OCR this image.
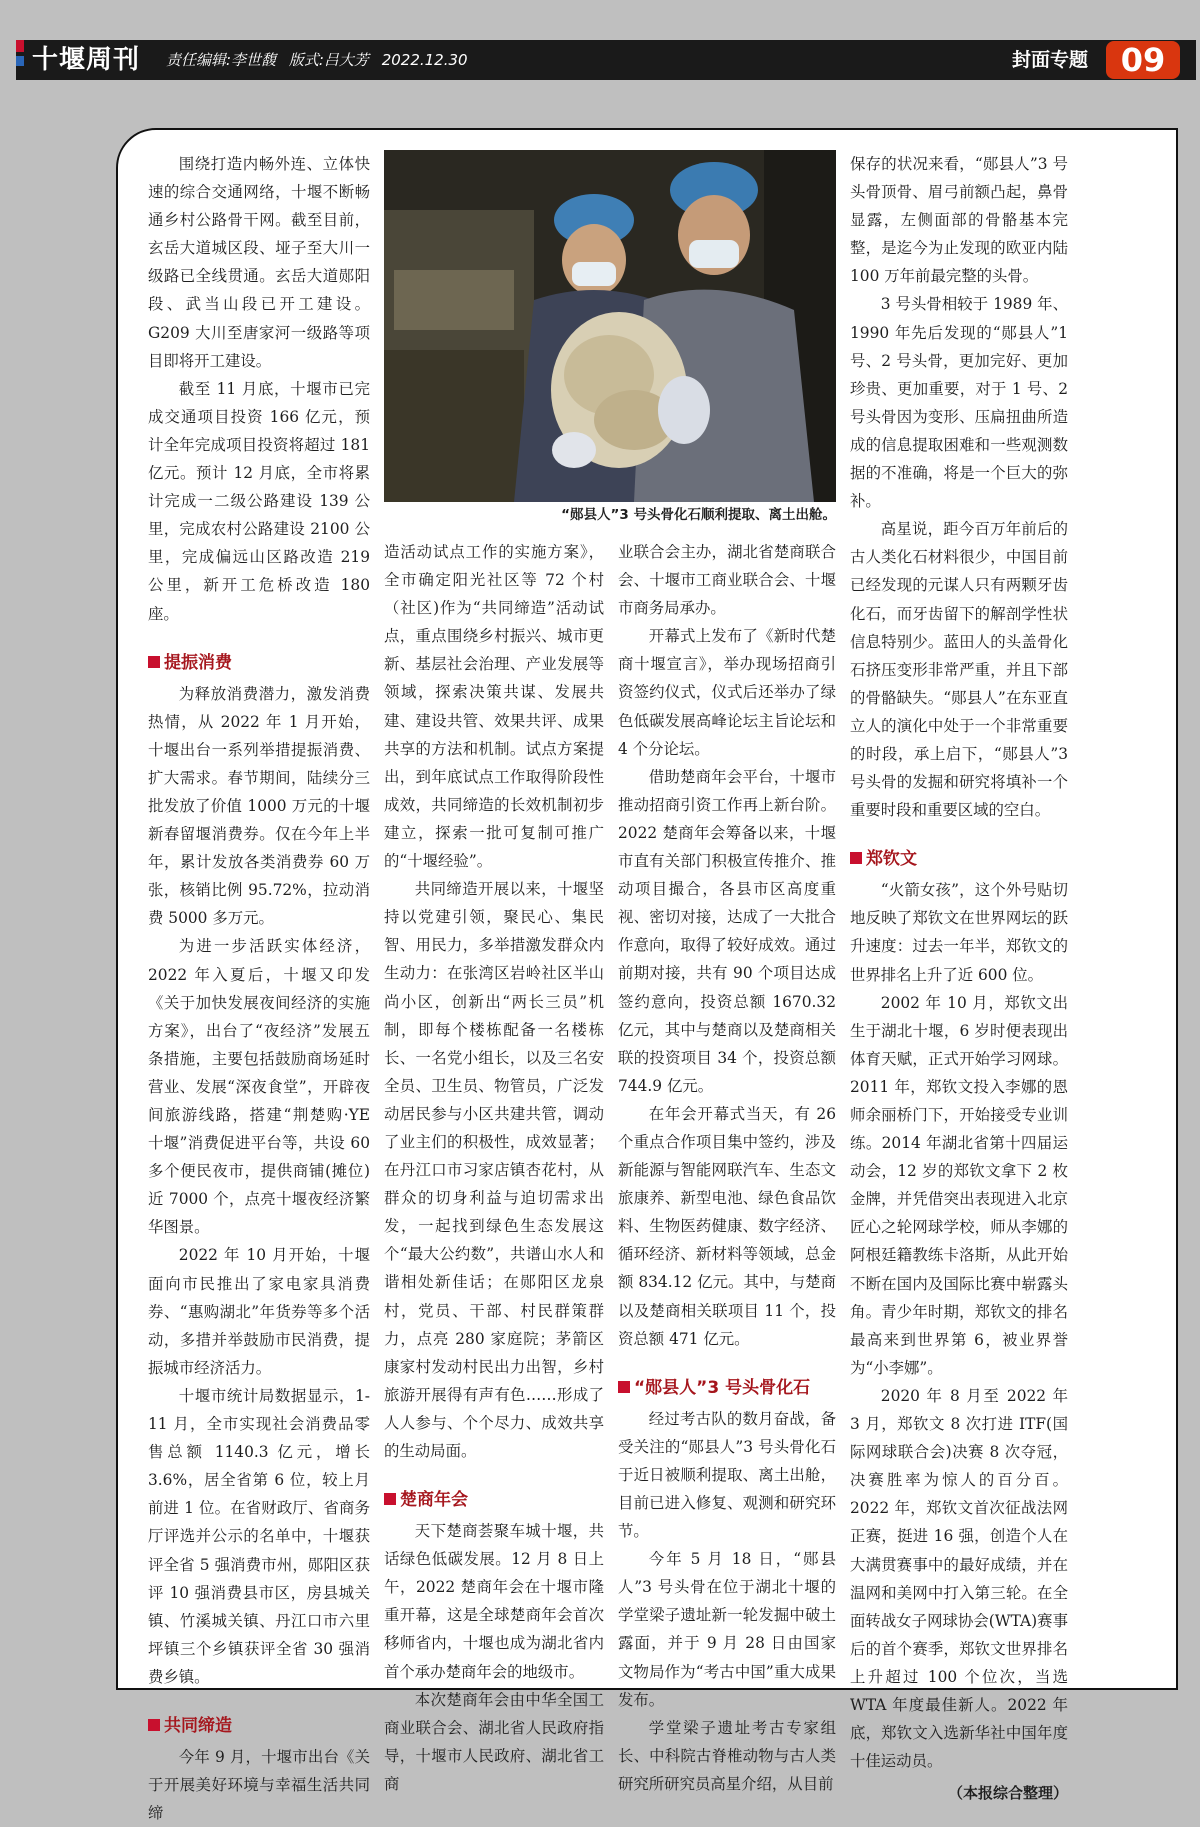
十堰周刊 责任编辑:李世馥 版式:吕大芳 2022.12.30	封面专题	09
“郧县人”3 号头骨化石顺利提取、离土出舱。

围绕打造内畅外连、立体快速的综合交通网络，十堰不断畅通乡村公路骨干网。截至目前，玄岳大道城区段、垭子至大川一级路已全线贯通。玄岳大道郧阳段、武当山段已开工建设。G209 大川至唐家河一级路等项目即将开工建设。

截至 11 月底，十堰市已完成交通项目投资 166 亿元，预计全年完成项目投资将超过 181 亿元。预计 12 月底，全市将累计完成一二级公路建设 139 公里，完成农村公路建设 2100 公里，完成偏远山区路改造 219 公里，新开工危桥改造 180 座。

提振消费

为释放消费潜力，激发消费热情，从 2022 年 1 月开始，十堰出台一系列举措提振消费、扩大需求。春节期间，陆续分三批发放了价值 1000 万元的十堰新春留堰消费券。仅在今年上半年，累计发放各类消费券 60 万张，核销比例 95.72%，拉动消费 5000 多万元。

为进一步活跃实体经济，2022 年入夏后，十堰又印发《关于加快发展夜间经济的实施方案》，出台了“夜经济”发展五条措施，主要包括鼓励商场延时营业、发展“深夜食堂”，开辟夜间旅游线路，搭建“荆楚购·YE 十堰”消费促进平台等，共设 60 多个便民夜市，提供商铺(摊位)近 7000 个，点亮十堰夜经济繁华图景。

2022 年 10 月开始，十堰面向市民推出了家电家具消费券、“惠购湖北”年货券等多个活动，多措并举鼓励市民消费，提振城市经济活力。

十堰市统计局数据显示，1-11 月，全市实现社会消费品零售总额 1140.3 亿元，增长 3.6%，居全省第 6 位，较上月前进 1 位。在省财政厅、省商务厅评选并公示的名单中，十堰获评全省 5 强消费市州，郧阳区获评 10 强消费县市区，房县城关镇、竹溪城关镇、丹江口市六里坪镇三个乡镇获评全省 30 强消费乡镇。

共同缔造

今年 9 月，十堰市出台《关于开展美好环境与幸福生活共同缔

造活动试点工作的实施方案》，全市确定阳光社区等 72 个村（社区)作为“共同缔造”活动试点，重点围绕乡村振兴、城市更新、基层社会治理、产业发展等领域，探索决策共谋、发展共建、建设共管、效果共评、成果共享的方法和机制。试点方案提出，到年底试点工作取得阶段性成效，共同缔造的长效机制初步建立，探索一批可复制可推广的“十堰经验”。

共同缔造开展以来，十堰坚持以党建引领，聚民心、集民智、用民力，多举措激发群众内生动力：在张湾区岩岭社区半山尚小区，创新出“两长三员”机制，即每个楼栋配备一名楼栋长、一名党小组长，以及三名安全员、卫生员、物管员，广泛发动居民参与小区共建共管，调动了业主们的积极性，成效显著；在丹江口市习家店镇杏花村，从群众的切身利益与迫切需求出发，一起找到绿色生态发展这个“最大公约数”，共谱山水人和谐相处新佳话；在郧阳区龙泉村，党员、干部、村民群策群力，点亮 280 家庭院；茅箭区康家村发动村民出力出智，乡村旅游开展得有声有色……形成了人人参与、个个尽力、成效共享的生动局面。

楚商年会

天下楚商荟聚车城十堰，共话绿色低碳发展。12 月 8 日上午，2022 楚商年会在十堰市隆重开幕，这是全球楚商年会首次移师省内，十堰也成为湖北省内首个承办楚商年会的地级市。

本次楚商年会由中华全国工商业联合会、湖北省人民政府指导，十堰市人民政府、湖北省工商

业联合会主办，湖北省楚商联合会、十堰市工商业联合会、十堰市商务局承办。

开幕式上发布了《新时代楚商十堰宣言》，举办现场招商引资签约仪式，仪式后还举办了绿色低碳发展高峰论坛主旨论坛和 4 个分论坛。

借助楚商年会平台，十堰市推动招商引资工作再上新台阶。2022 楚商年会筹备以来，十堰市直有关部门积极宣传推介、推动项目撮合，各县市区高度重视、密切对接，达成了一大批合作意向，取得了较好成效。通过前期对接，共有 90 个项目达成签约意向，投资总额 1670.32 亿元，其中与楚商以及楚商相关联的投资项目 34 个，投资总额 744.9 亿元。

在年会开幕式当天，有 26 个重点合作项目集中签约，涉及新能源与智能网联汽车、生态文旅康养、新型电池、绿色食品饮料、生物医药健康、数字经济、循环经济、新材料等领域，总金额 834.12 亿元。其中，与楚商以及楚商相关联项目 11 个，投资总额 471 亿元。

“郧县人”3 号头骨化石

经过考古队的数月奋战，备受关注的“郧县人”3 号头骨化石于近日被顺利提取、离土出舱，目前已进入修复、观测和研究环节。

今年 5 月 18 日，“郧县人”3 号头骨在位于湖北十堰的学堂梁子遗址新一轮发掘中破土露面，并于 9 月 28 日由国家文物局作为“考古中国”重大成果发布。

学堂梁子遗址考古专家组长、中科院古脊椎动物与古人类研究所研究员高星介绍，从目前

保存的状况来看，“郧县人”3 号头骨顶骨、眉弓前额凸起，鼻骨显露，左侧面部的骨骼基本完整，是迄今为止发现的欧亚内陆 100 万年前最完整的头骨。

3 号头骨相较于 1989 年、1990 年先后发现的“郧县人”1 号、2 号头骨，更加完好、更加珍贵、更加重要，对于 1 号、2 号头骨因为变形、压扁扭曲所造成的信息提取困难和一些观测数据的不准确，将是一个巨大的弥补。

高星说，距今百万年前后的古人类化石材料很少，中国目前已经发现的元谋人只有两颗牙齿化石，而牙齿留下的解剖学性状信息特别少。蓝田人的头盖骨化石挤压变形非常严重，并且下部的骨骼缺失。“郧县人”在东亚直立人的演化中处于一个非常重要的时段，承上启下，“郧县人”3 号头骨的发掘和研究将填补一个重要时段和重要区域的空白。

郑钦文

“火箭女孩”，这个外号贴切地反映了郑钦文在世界网坛的跃升速度：过去一年半，郑钦文的世界排名上升了近 600 位。

2002 年 10 月，郑钦文出生于湖北十堰，6 岁时便表现出体育天赋，正式开始学习网球。2011 年，郑钦文投入李娜的恩师余丽桥门下，开始接受专业训练。2014 年湖北省第十四届运动会，12 岁的郑钦文拿下 2 枚金牌，并凭借突出表现进入北京匠心之轮网球学校，师从李娜的阿根廷籍教练卡洛斯，从此开始不断在国内及国际比赛中崭露头角。青少年时期，郑钦文的排名最高来到世界第 6，被业界誉为“小李娜”。

2020 年 8 月至 2022 年 3 月，郑钦文 8 次打进 ITF(国际网球联合会)决赛 8 次夺冠，决赛胜率为惊人的百分百。2022 年，郑钦文首次征战法网正赛，挺进 16 强，创造个人在大满贯赛事中的最好成绩，并在温网和美网中打入第三轮。在全面转战女子网球协会(WTA)赛事后的首个赛季，郑钦文世界排名上升超过 100 个位次，当选 WTA 年度最佳新人。2022 年底，郑钦文入选新华社中国年度十佳运动员。

（本报综合整理）
